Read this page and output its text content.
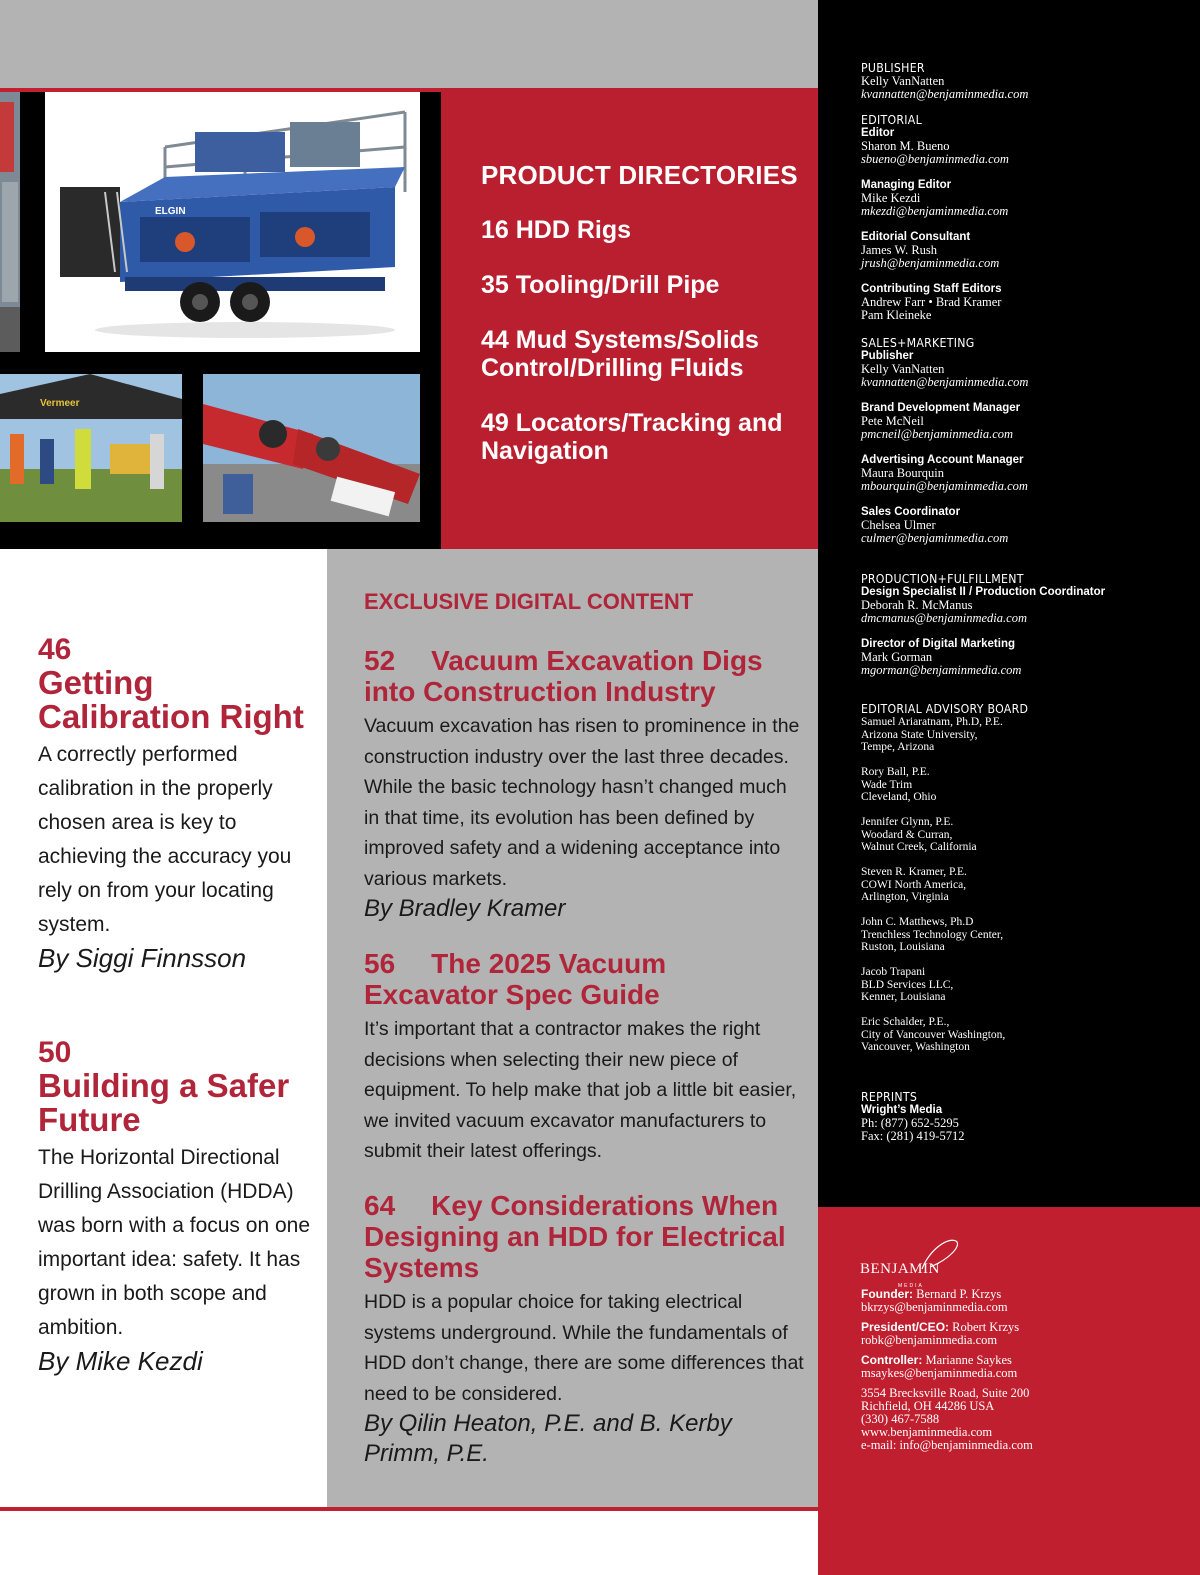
ELGIN
Vermeer
PRODUCT DIRECTORIES
16 HDD Rigs
35 Tooling/Drill Pipe
44 Mud Systems/Solids Control/Drilling Fluids
49 Locators/Tracking and Navigation
46
Getting Calibration Right
A correctly performed calibration in the properly chosen area is key to achieving the accuracy you rely on from your locating system.
By Siggi Finnsson
50
Building a Safer Future
The Horizontal Directional Drilling Association (HDDA) was born with a focus on one important idea: safety. It has grown in both scope and ambition.
By Mike Kezdi
EXCLUSIVE DIGITAL CONTENT
52 Vacuum Excavation Digs into Construction Industry
Vacuum excavation has risen to prominence in the construction industry over the last three decades. While the basic technology hasn’t changed much in that time, its evolution has been defined by improved safety and a widening acceptance into various markets.
By Bradley Kramer
56 The 2025 Vacuum Excavator Spec Guide
It’s important that a contractor makes the right decisions when selecting their new piece of equipment. To help make that job a little bit easier, we invited vacuum excavator manufacturers to submit their latest offerings.
64 Key Considerations When Designing an HDD for Electrical Systems
HDD is a popular choice for taking electrical systems underground. While the fundamentals of HDD don’t change, there are some differences that need to be considered.
By Qilin Heaton, P.E. and B. Kerby Primm, P.E.
PUBLISHER
Kelly VanNatten
kvannatten@benjaminmedia.com
EDITORIAL
Editor
Sharon M. Bueno
sbueno@benjaminmedia.com
Managing Editor
Mike Kezdi
mkezdi@benjaminmedia.com
Editorial Consultant
James W. Rush
jrush@benjaminmedia.com
Contributing Staff Editors
Andrew Farr • Brad Kramer
Pam Kleineke
SALES+MARKETING
Publisher
Kelly VanNatten
kvannatten@benjaminmedia.com
Brand Development Manager
Pete McNeil
pmcneil@benjaminmedia.com
Advertising Account Manager
Maura Bourquin
mbourquin@benjaminmedia.com
Sales Coordinator
Chelsea Ulmer
culmer@benjaminmedia.com
PRODUCTION+FULFILLMENT
Design Specialist II / Production Coordinator
Deborah R. McManus
dmcmanus@benjaminmedia.com
Director of Digital Marketing
Mark Gorman
mgorman@benjaminmedia.com
EDITORIAL ADVISORY BOARD
Samuel Ariaratnam, Ph.D, P.E.
Arizona State University,
Tempe, Arizona
Rory Ball, P.E.
Wade Trim
Cleveland, Ohio
Jennifer Glynn, P.E.
Woodard & Curran,
Walnut Creek, California
Steven R. Kramer, P.E.
COWI North America,
Arlington, Virginia
John C. Matthews, Ph.D
Trenchless Technology Center,
Ruston, Louisiana
Jacob Trapani
BLD Services LLC,
Kenner, Louisiana
Eric Schalder, P.E.,
City of Vancouver Washington,
Vancouver, Washington
REPRINTS
Wright’s Media
Ph: (877) 652-5295
Fax: (281) 419-5712
BENJAMIN
MEDIA
Founder: Bernard P. Krzys
bkrzys@benjaminmedia.com
President/CEO: Robert Krzys
robk@benjaminmedia.com
Controller: Marianne Saykes
msaykes@benjaminmedia.com
3554 Brecksville Road, Suite 200
Richfield, OH 44286 USA
(330) 467-7588
www.benjaminmedia.com
e-mail: info@benjaminmedia.com
